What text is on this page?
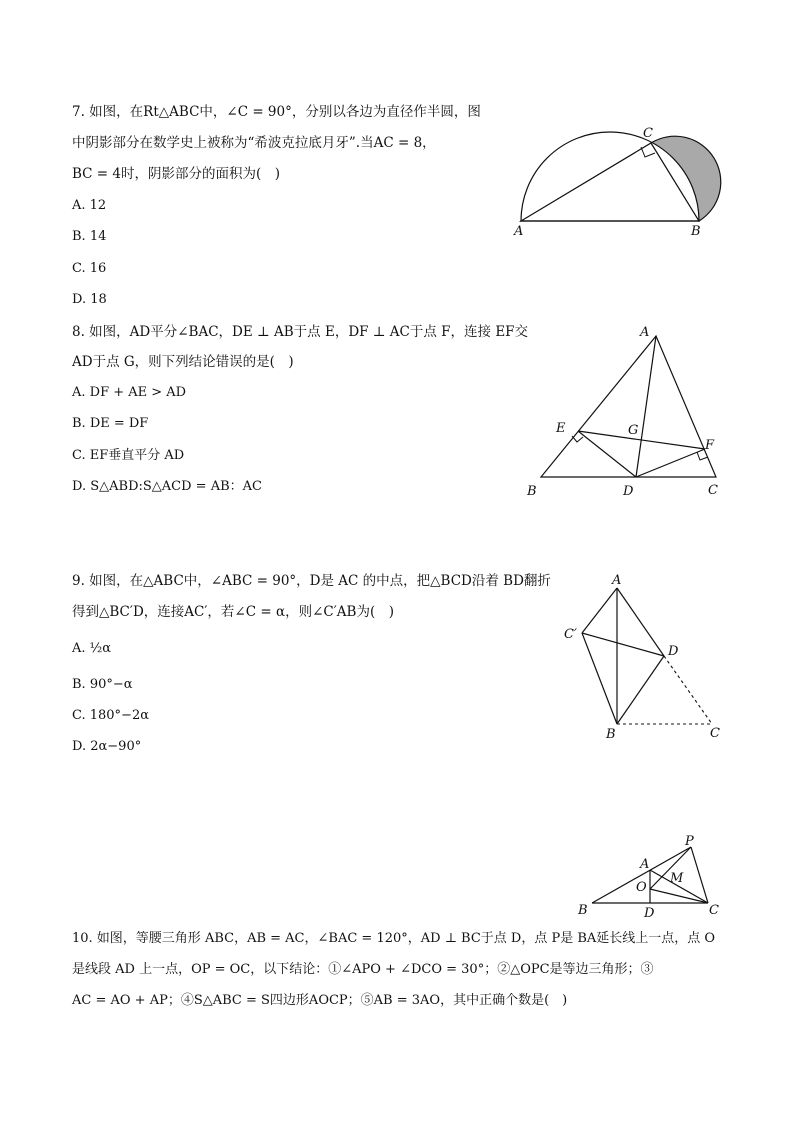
7. 如图，在Rt△ABC中，∠C = 90°，分别以各边为直径作半圆，图
中阴影部分在数学史上被称为“希波克拉底月牙”.当AC = 8，
BC = 4时，阴影部分的面积为(　)
A. 12
B. 14
C. 16
D. 18
A	B
C
8. 如图，AD平分∠BAC，DE ⊥ AB于点 E，DF ⊥ AC于点 F，连接 EF交
AD于点 G，则下列结论错误的是(　)
A. DF + AE > AD
B. DE = DF
C. EF垂直平分 AD
D. S△ABD:S△ACD = AB：AC
A
B	C
D
E
F
G
9. 如图，在△ABC中，∠ABC = 90°，D是 AC 的中点，把△BCD沿着 BD翻折
得到△BC′D，连接AC′，若∠C = α，则∠C′AB为(　)
A. ½α
B. 90°−α
C. 180°−2α
D. 2α−90°
A
B	C
D
C′
A
B	C
D
M
O
P
10. 如图，等腰三角形 ABC，AB = AC，∠BAC = 120°，AD ⊥ BC于点 D，点 P是 BA延长线上一点，点 O
是线段 AD 上一点，OP = OC，以下结论：①∠APO + ∠DCO = 30°；②△OPC是等边三角形；③
AC = AO + AP；④S△ABC = S四边形AOCP；⑤AB = 3AO，其中正确个数是(　)
